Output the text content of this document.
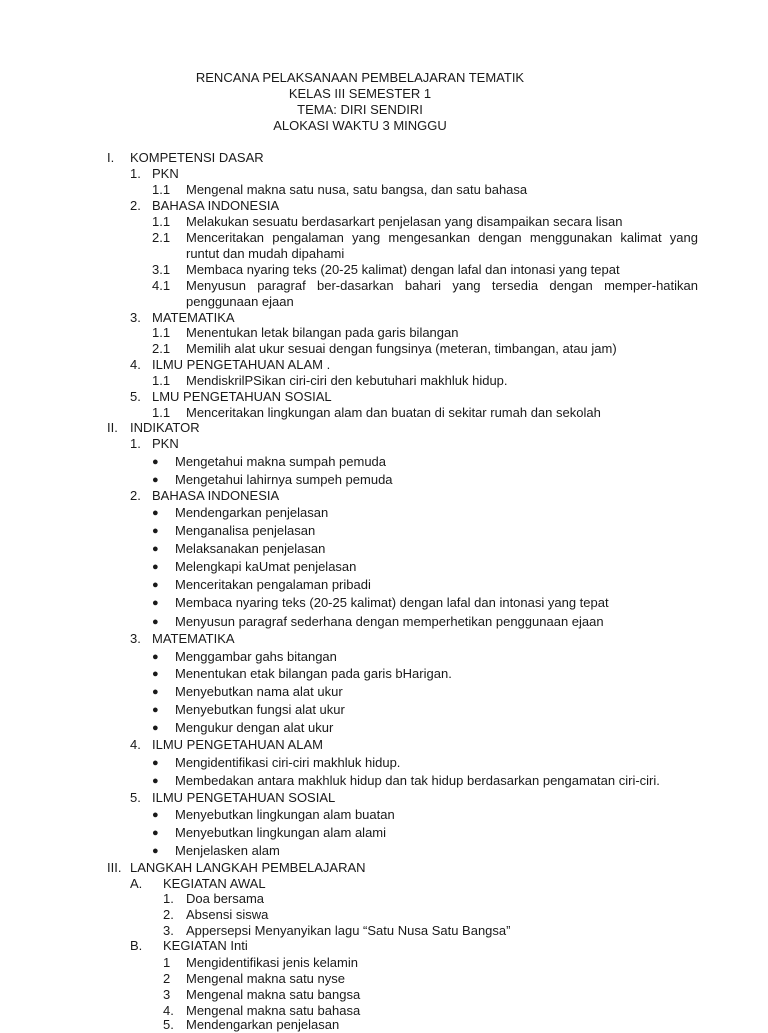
RENCANA PELAKSANAAN PEMBELAJARAN TEMATIK
KELAS III SEMESTER 1
TEMA: DIRI SENDIRI
ALOKASI WAKTU 3 MINGGU
I. KOMPETENSI DASAR
1. PKN
1.1 Mengenal makna satu nusa, satu bangsa, dan satu bahasa
2. BAHASA INDONESIA
1.1 Melakukan sesuatu berdasarkart penjelasan yang disampaikan secara lisan
2.1 Menceritakan pengalaman yang mengesankan dengan menggunakan kalimat yang runtut dan mudah dipahami
3.1 Membaca nyaring teks (20-25 kalimat) dengan lafal dan intonasi yang tepat
4.1 Menyusun paragraf ber-dasarkan bahari yang tersedia dengan memper-hatikan penggunaan ejaan
3. MATEMATIKA
1.1 Menentukan letak bilangan pada garis bilangan
2.1 Memilih alat ukur sesuai dengan fungsinya (meteran, timbangan, atau jam)
4. ILMU PENGETAHUAN ALAM .
1.1 MendiskrilPSikan ciri-ciri den kebutuhari makhluk hidup.
5. LMU PENGETAHUAN SOSIAL
1.1 Menceritakan lingkungan alam dan buatan di sekitar rumah dan sekolah
II. INDIKATOR
1. PKN
● Mengetahui makna sumpah pemuda
● Mengetahui lahirnya sumpeh pemuda
2. BAHASA INDONESIA
● Mendengarkan penjelasan
● Menganalisa penjelasan
● Melaksanakan penjelasan
● Melengkapi kaUmat penjelasan
● Menceritakan pengalaman pribadi
● Membaca nyaring teks (20-25 kalimat) dengan lafal dan intonasi yang tepat
● Menyusun paragraf sederhana dengan memperhetikan penggunaan ejaan
3. MATEMATIKA
● Menggambar gahs bitangan
● Menentukan etak bilangan pada garis bHarigan.
● Menyebutkan nama alat ukur
● Menyebutkan fungsi alat ukur
● Mengukur dengan alat ukur
4. ILMU PENGETAHUAN ALAM
● Mengidentifikasi ciri-ciri makhluk hidup.
● Membedakan antara makhluk hidup dan tak hidup berdasarkan pengamatan ciri-ciri.
5. ILMU PENGETAHUAN SOSIAL
● Menyebutkan lingkungan alam buatan
● Menyebutkan lingkungan alam alami
● Menjelasken alam
III. LANGKAH LANGKAH PEMBELAJARAN
A. KEGIATAN AWAL
1. Doa bersama
2. Absensi siswa
3. Appersepsi Menyanyikan lagu “Satu Nusa Satu Bangsa”
B. KEGIATAN Inti
1 Mengidentifikasi jenis kelamin
2 Mengenal makna satu nyse
3 Mengenal makna satu bangsa
4. Mengenal makna satu bahasa
5. Mendengarkan penjelasan
